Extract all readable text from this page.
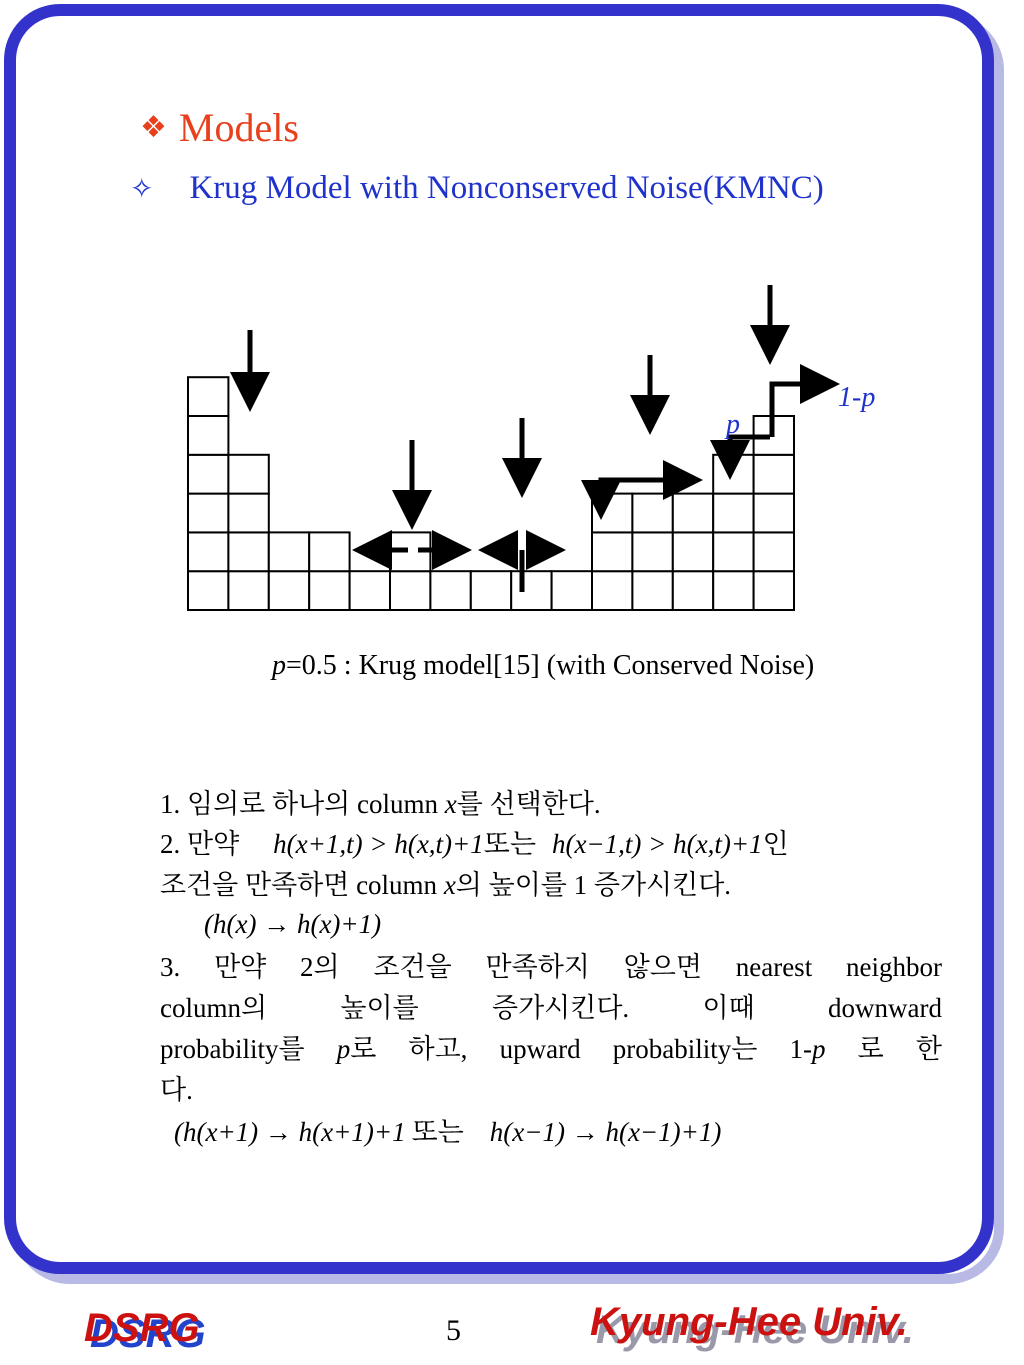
❖ Models
✧ Krug Model with Nonconserved Noise(KMNC)
p
1-p
p=0.5 : Krug model[15] (with Conserved Noise)
1. 임의로 하나의 column x를 선택한다.
2. 만약 h(x+1,t) > h(x,t)+1또는 h(x−1,t) > h(x,t)+1인
조건을 만족하면 column x의 높이를 1 증가시킨다.
(h(x) → h(x)+1)
3. 만약 2의 조건을 만족하지 않으면 nearest neighbor
column의 높이를 증가시킨다. 이때 downward
probability를 p로 하고, upward probability는 1-p 로 한
다.
(h(x+1) → h(x+1)+1 또는 h(x−1) → h(x−1)+1)
DSRG	5	Kyung-Hee Univ.
